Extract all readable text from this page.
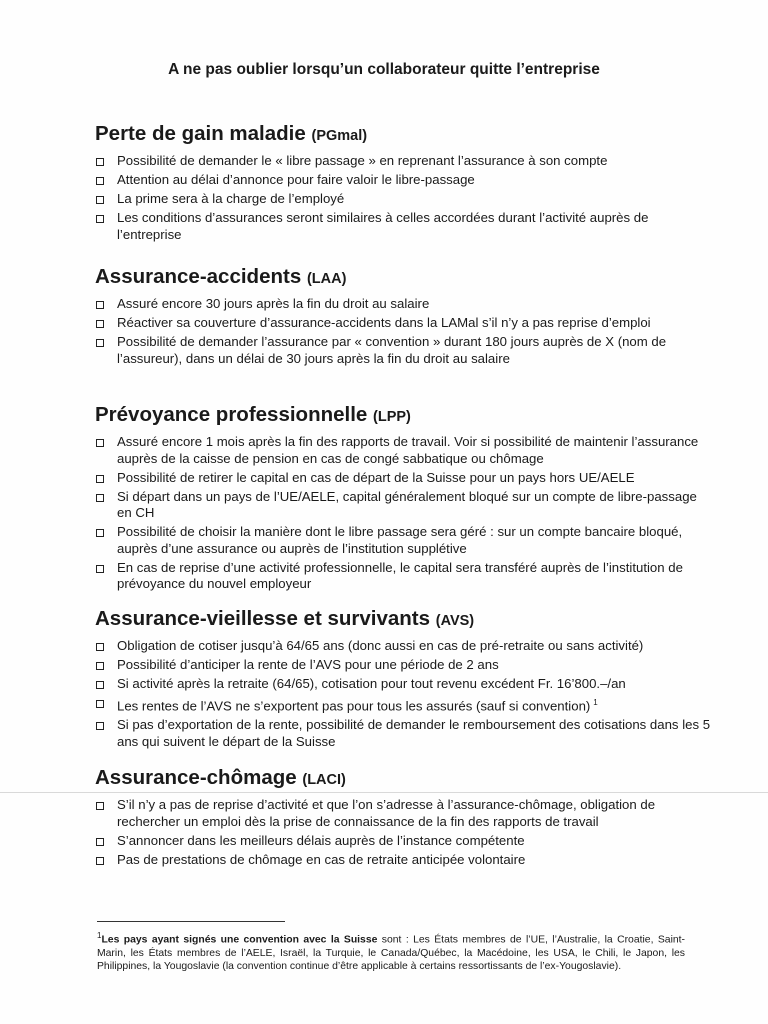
A ne pas oublier lorsqu’un collaborateur quitte l’entreprise
Perte de gain maladie (PGmal)
Possibilité de demander le « libre passage » en reprenant l’assurance à son compte
Attention au délai d’annonce pour faire valoir le libre-passage
La prime sera à la charge de l’employé
Les conditions d’assurances seront similaires à celles accordées durant l’activité auprès de l’entreprise
Assurance-accidents (LAA)
Assuré encore 30 jours après la fin du droit au salaire
Réactiver sa couverture d’assurance-accidents dans la LAMal s’il n’y a pas reprise d’emploi
Possibilité de demander l’assurance par « convention » durant 180 jours auprès de X (nom de l’assureur), dans un délai de 30 jours après la fin du droit au salaire
Prévoyance professionnelle (LPP)
Assuré encore 1 mois après la fin des rapports de travail. Voir si possibilité de maintenir l’assurance auprès de la caisse de pension en cas de congé sabbatique ou chômage
Possibilité de retirer le capital en cas de départ de la Suisse pour un pays hors UE/AELE
Si départ dans un pays de l’UE/AELE, capital généralement bloqué sur un compte de libre-passage en CH
Possibilité de choisir la manière dont le libre passage sera géré : sur un compte bancaire bloqué, auprès d’une assurance ou auprès de l’institution supplétive
En cas de reprise d’une activité professionnelle, le capital sera transféré auprès de l’institution de prévoyance du nouvel employeur
Assurance-vieillesse et survivants (AVS)
Obligation de cotiser jusqu’à 64/65 ans (donc aussi en cas de pré-retraite ou sans activité)
Possibilité d’anticiper la rente de l’AVS pour une période de 2 ans
Si activité après la retraite (64/65), cotisation pour tout revenu excédent Fr. 16’800.–/an
Les rentes de l’AVS ne s’exportent pas pour tous les assurés (sauf si convention) $^1$
Si pas d’exportation de la rente, possibilité de demander le remboursement des cotisations dans les 5 ans qui suivent le départ de la Suisse
Assurance-chômage (LACI)
S’il n’y a pas de reprise d’activité et que l’on s’adresse à l’assurance-chômage, obligation de rechercher un emploi dès la prise de connaissance de la fin des rapports de travail
S’annoncer dans les meilleurs délais auprès de l’instance compétente
Pas de prestations de chômage en cas de retraite anticipée volontaire
$^1$Les pays ayant signés une convention avec la Suisse sont : Les États membres de l’UE, l’Australie, la Croatie, Saint-Marin, les États membres de l’AELE, Israël, la Turquie, le Canada/Québec, la Macédoine, les USA, le Chili, le Japon, les Philippines, la Yougoslavie (la convention continue d’être applicable à certains ressortissants de l’ex-Yougoslavie).
